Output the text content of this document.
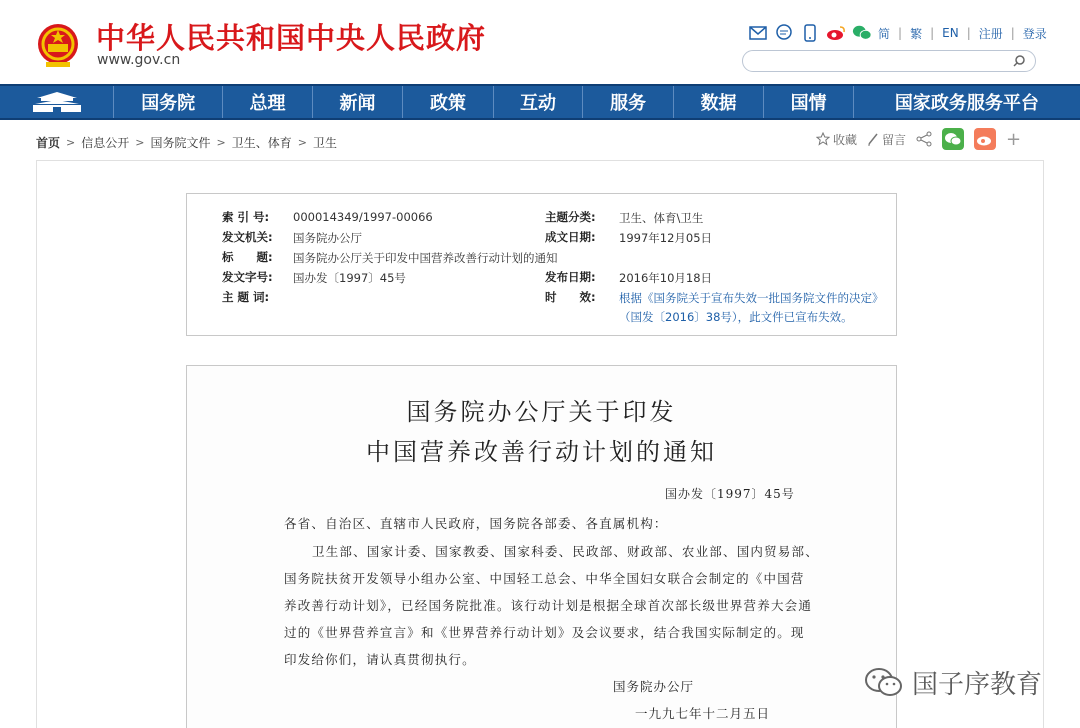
中华人民共和国中央人民政府
www.gov.cn
简 | 繁 | EN | 注册 | 登录
国务院	总理	新闻	政策	互动	服务	数据	国情	国家政务服务平台
首页 > 信息公开 > 国务院文件 > 卫生、体育 > 卫生	收藏 留言	+
索 引 号: 000014349/1997-00066	主题分类: 卫生、体育\卫生
发文机关: 国务院办公厅	成文日期: 1997年12月05日
标　　题: 国务院办公厅关于印发中国营养改善行动计划的通知
发文字号: 国办发〔1997〕45号	发布日期: 2016年10月18日
主 题 词:	时　　效: 根据《国务院关于宣布失效一批国务院文件的决定》
（国发〔2016〕38号），此文件已宣布失效。
国务院办公厅关于印发
中国营养改善行动计划的通知
国办发〔1997〕45号
各省、自治区、直辖市人民政府，国务院各部委、各直属机构：
卫生部、国家计委、国家教委、国家科委、民政部、财政部、农业部、国内贸易部、
国务院扶贫开发领导小组办公室、中国轻工总会、中华全国妇女联合会制定的《中国营
养改善行动计划》，已经国务院批准。该行动计划是根据全球首次部长级世界营养大会通
过的《世界营养宣言》和《世界营养行动计划》及会议要求，结合我国实际制定的。现
印发给你们，请认真贯彻执行。
国务院办公厅
一九九七年十二月五日
国子序教育
